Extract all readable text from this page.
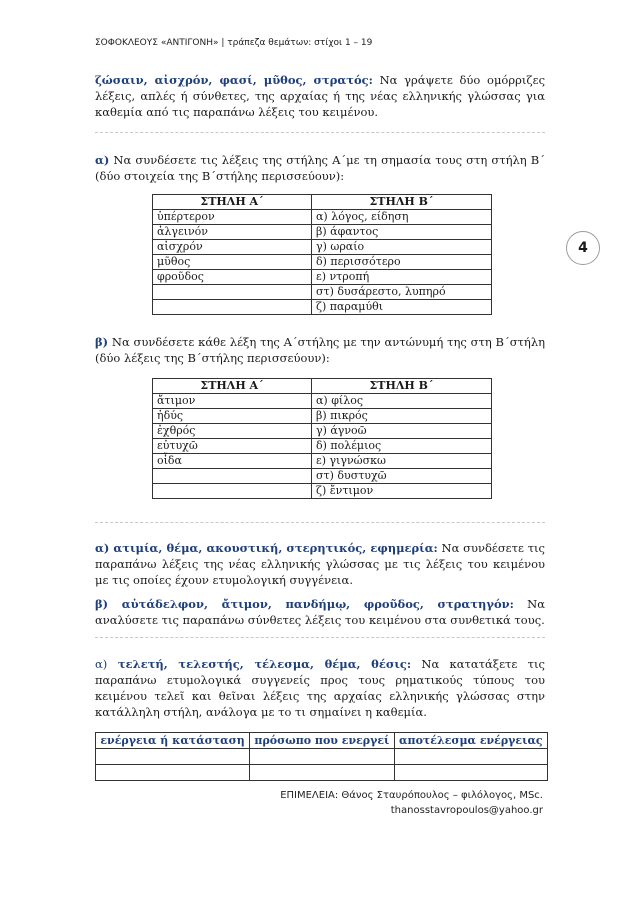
ΣΟΦΟΚΛΕΟΥΣ «ΑΝΤΙΓΟΝΗ» | τράπεζα θεμάτων: στίχοι 1 – 19
ζώσαιν, αἰσχρόν, φασί, μῦθος, στρατός: Να γράψετε δύο ομόρριζες λέξεις, απλές ή σύνθετες, της αρχαίας ή της νέας ελληνικής γλώσσας για καθεμία από τις παραπάνω λέξεις του κειμένου.
α) Να συνδέσετε τις λέξεις της στήλης Α΄με τη σημασία τους στη στήλη Β΄ (δύο στοιχεία της Β΄στήλης περισσεύουν):
4
ΣΤΗΛΗ Α΄	ΣΤΗΛΗ Β΄
ὑπέρτερον	α) λόγος, είδηση
ἀλγεινόν	β) άφαντος
αἰσχρόν	γ) ωραίο
μῦθος	δ) περισσότερο
φροῦδος	ε) ντροπή
	στ) δυσάρεστο, λυπηρό
	ζ) παραμύθι
β) Να συνδέσετε κάθε λέξη της Α΄στήλης με την αντώνυμή της στη Β΄στήλη (δύο λέξεις της Β΄στήλης περισσεύουν):
ΣΤΗΛΗ Α΄	ΣΤΗΛΗ Β΄
ἄτιμον	α) φίλος
ἡδύς	β) πικρός
ἐχθρός	γ) άγνοῶ
εὐτυχῶ	δ) πολέμιος
οἶδα	ε) γιγνώσκω
	στ) δυστυχῶ
	ζ) ἔντιμον
α) ατιμία, θέμα, ακουστική, στερητικός, εφημερία: Να συνδέσετε τις παραπάνω λέξεις της νέας ελληνικής γλώσσας με τις λέξεις του κειμένου με τις οποίες έχουν ετυμολογική συγγένεια.
β) αὐτάδελφον, ἄτιμον, πανδήμῳ, φροῦδος, στρατηγόν: Να αναλύσετε τις παραπάνω σύνθετες λέξεις του κειμένου στα συνθετικά τους.
α) τελετή, τελεστής, τέλεσμα, θέμα, θέσις: Να κατατάξετε τις παραπάνω ετυμολογικά συγγενείς προς τους ρηματικούς τύπους του κειμένου τελεῖ και θεῖναι λέξεις της αρχαίας ελληνικής γλώσσας στην κατάλληλη στήλη, ανάλογα με το τι σημαίνει η καθεμία.
ενέργεια ή κατάσταση	πρόσωπο που ενεργεί	αποτέλεσμα ενέργειας

ΕΠΙΜΕΛΕΙΑ: Θάνος Σταυρόπουλος – φιλόλογος, MSc.
thanosstavropoulos@yahoo.gr
